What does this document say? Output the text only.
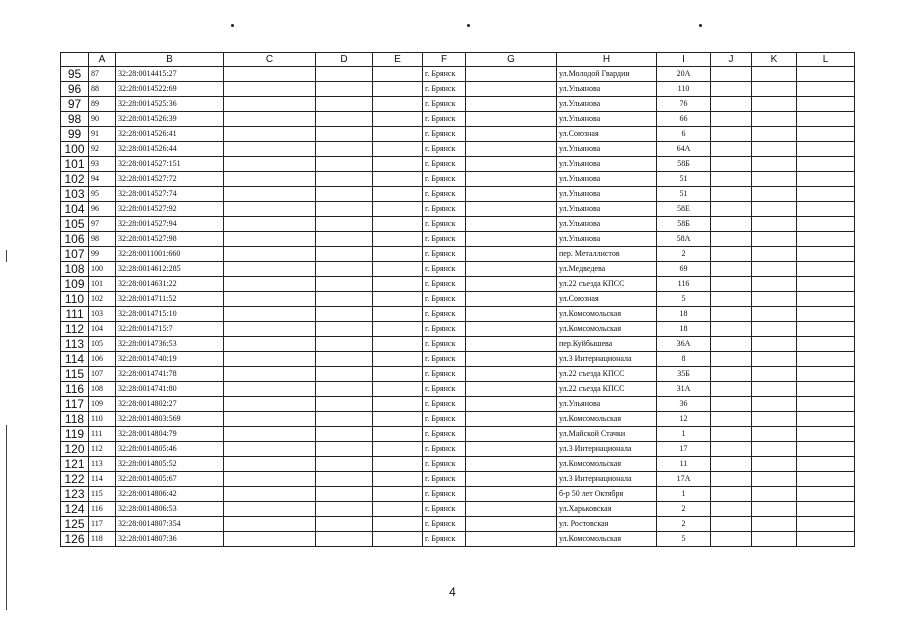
	A	B	C	D	E	F	G	H	I	J	K	L
95	87	32:28:0014415:27				г. Брянск		ул.Молодой Гвардии	20А			
96	88	32:28:0014522:69				г. Брянск		ул.Ульянова	110			
97	89	32:28:0014525:36				г. Брянск		ул.Ульянова	76			
98	90	32:28:0014526:39				г. Брянск		ул.Ульянова	66			
99	91	32:28:0014526:41				г. Брянск		ул.Союзная	6			
100	92	32:28:0014526:44				г. Брянск		ул.Ульянова	64А			
101	93	32:28:0014527:151				г. Брянск		ул.Ульянова	58Б			
102	94	32:28:0014527:72				г. Брянск		ул.Ульянова	51			
103	95	32:28:0014527:74				г. Брянск		ул.Ульянова	51			
104	96	32:28:0014527:92				г. Брянск		ул.Ульянова	58Е			
105	97	32:28:0014527:94				г. Брянск		ул.Ульянова	58Б			
106	98	32:28:0014527:98				г. Брянск		ул.Ульянова	58А			
107	99	32:28:0011001:660				г. Брянск		пер. Металлистов	2			
108	100	32:28:0014612:285				г. Брянск		ул.Медведева	69			
109	101	32:28:0014631:22				г. Брянск		ул.22 съезда КПСС	116			
110	102	32:28:0014711:52				г. Брянск		ул.Союзная	5			
111	103	32:28:0014715:10				г. Брянск		ул.Комсомольская	18			
112	104	32:28:0014715:7				г. Брянск		ул.Комсомольская	18			
113	105	32:28:0014736:53				г. Брянск		пер.Куйбышева	36А			
114	106	32:28:0014740:19				г. Брянск		ул.3 Интернационала	8			
115	107	32:28:0014741:78				г. Брянск		ул.22 съезда КПСС	35Б			
116	108	32:28:0014741:80				г. Брянск		ул.22 съезда КПСС	31А			
117	109	32:28:0014802:27				г. Брянск		ул.Ульянова	36			
118	110	32:28:0014803:569				г. Брянск		ул.Комсомольская	12			
119	111	32:28:0014804:79				г. Брянск		ул.Майской Стачки	1			
120	112	32:28:0014805:46				г. Брянск		ул.3 Интернационала	17			
121	113	32:28:0014805:52				г. Брянск		ул.Комсомольская	11			
122	114	32:28:0014805:67				г. Брянск		ул.3 Интернационала	17А			
123	115	32:28:0014806:42				г. Брянск		б-р 50 лет Октября	1			
124	116	32:28:0014806:53				г. Брянск		ул.Харьковская	2			
125	117	32:28:0014807:354				г. Брянск		ул. Ростовская	2			
126	118	32:28:0014807:36				г. Брянск		ул.Комсомольская	5			
4
